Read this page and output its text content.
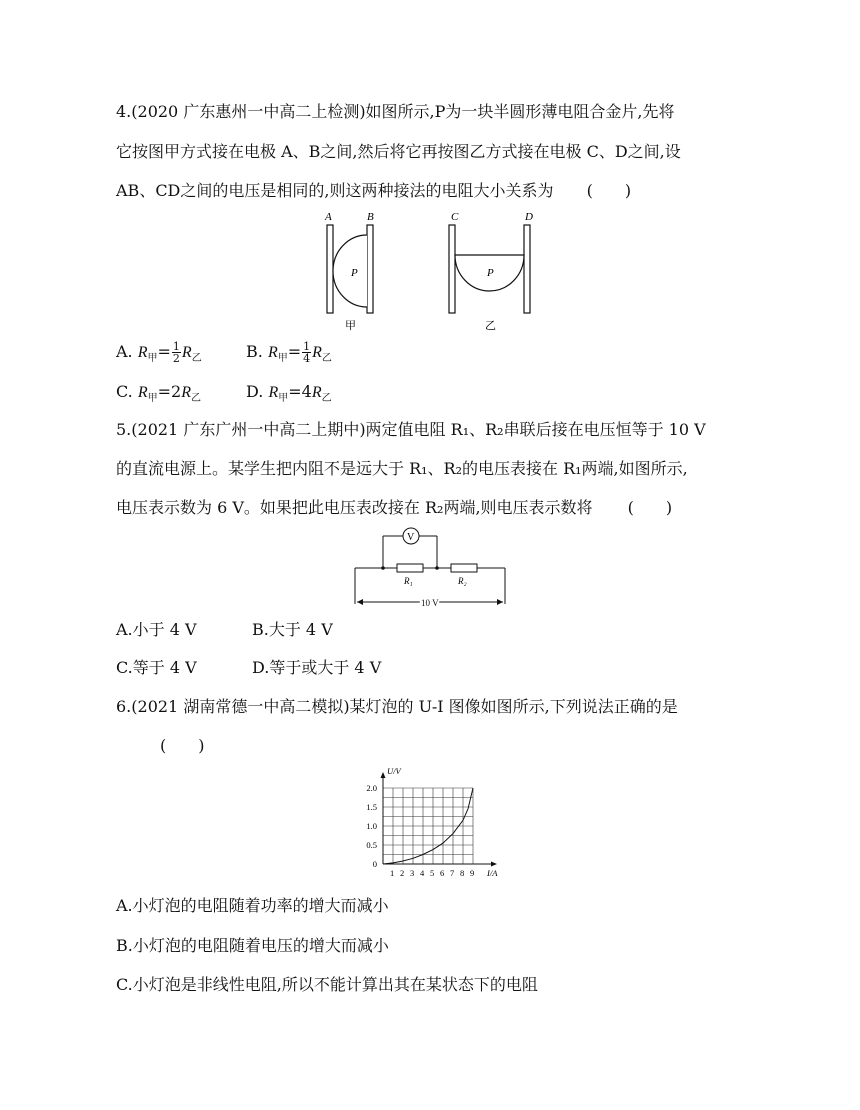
4.(2020 广东惠州一中高二上检测)如图所示,P为一块半圆形薄电阻合金片,先将
它按图甲方式接在电极 A、B之间,然后将它再按图乙方式接在电极 C、D之间,设
AB、CD之间的电压是相同的,则这两种接法的电阻大小关系为 (　　)
A	B
P
甲
C	D
P
乙
A. $R_甲= \frac{1}{2} R_乙$	B. $R_甲= \frac{1}{4} R_乙$
C. $R_甲=2R_乙$	D. $R_甲=4R_乙$
5.(2021 广东广州一中高二上期中)两定值电阻 R₁、R₂串联后接在电压恒等于 10 V
的直流电源上。某学生把内阻不是远大于 R₁、R₂的电压表接在 R₁两端,如图所示,
电压表示数为 6 V。如果把此电压表改接在 R₂两端,则电压表示数将 (　　)
V
R₁	R₂
10 V
A.小于 4 V	B.大于 4 V
C.等于 4 V	D.等于或大于 4 V
6.(2021 湖南常德一中高二模拟)某灯泡的 U-I 图像如图所示,下列说法正确的是
(　　)
1 2 3 4 5 6 7 8 9
0
0.5
1.0
1.5
2.0
I/A
U/V
A.小灯泡的电阻随着功率的增大而减小
B.小灯泡的电阻随着电压的增大而减小
C.小灯泡是非线性电阻,所以不能计算出其在某状态下的电阻
